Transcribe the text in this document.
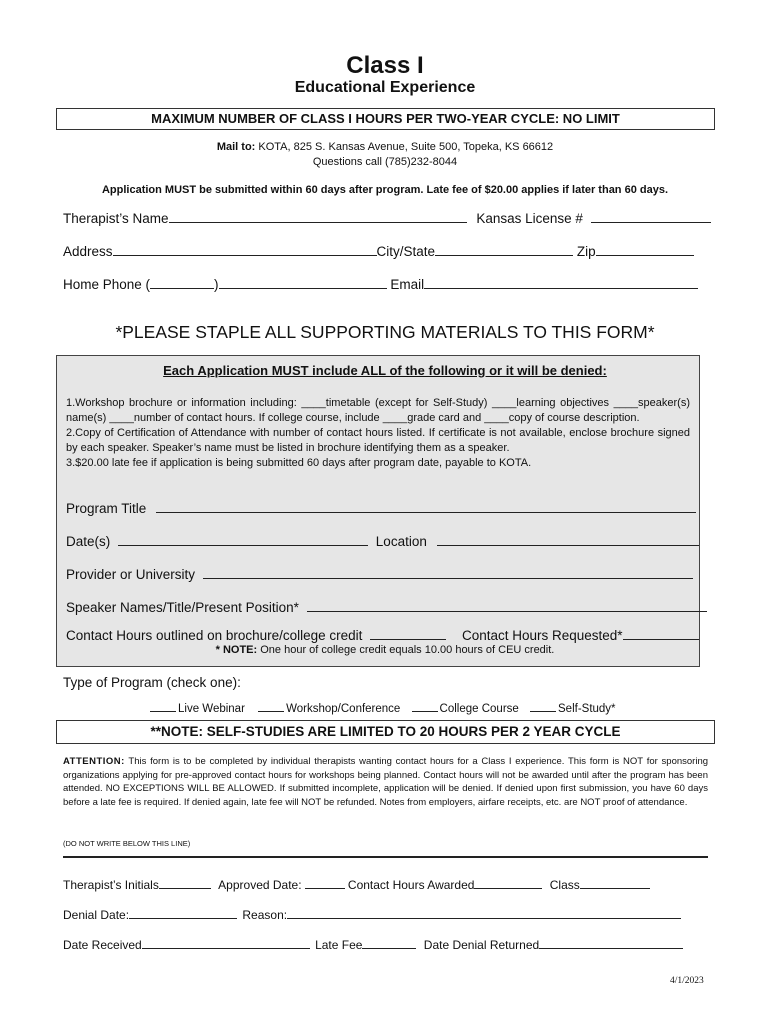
Class I
Educational Experience
MAXIMUM NUMBER OF CLASS I HOURS PER TWO-YEAR CYCLE: NO LIMIT
Mail to: KOTA, 825 S. Kansas Avenue, Suite 500, Topeka, KS 66612
Questions call (785)232-8044
Application MUST be submitted within 60 days after program. Late fee of $20.00 applies if later than 60 days.
Therapist’s Name	Kansas License #
Address	City/State	Zip
Home Phone (	)	Email
*PLEASE STAPLE ALL SUPPORTING MATERIALS TO THIS FORM*
Each Application MUST include ALL of the following or it will be denied:
1.Workshop brochure or information including: ____timetable (except for Self-Study) ____learning objectives ____speaker(s) name(s) ____number of contact hours. If college course, include ____grade card and ____copy of course description.
2.Copy of Certification of Attendance with number of contact hours listed. If certificate is not available, enclose brochure signed by each speaker. Speaker’s name must be listed in brochure identifying them as a speaker.
3.$20.00 late fee if application is being submitted 60 days after program date, payable to KOTA.
Program Title
Date(s)	Location
Provider or University
Speaker Names/Title/Present Position*
Contact Hours outlined on brochure/college credit	Contact Hours Requested*
* NOTE: One hour of college credit equals 10.00 hours of CEU credit.
Type of Program (check one):
Live Webinar	Workshop/Conference	College Course	Self-Study*
**NOTE: SELF-STUDIES ARE LIMITED TO 20 HOURS PER 2 YEAR CYCLE
ATTENTION: This form is to be completed by individual therapists wanting contact hours for a Class I experience. This form is NOT for sponsoring organizations applying for pre-approved contact hours for workshops being planned. Contact hours will not be awarded until after the program has been attended. NO EXCEPTIONS WILL BE ALLOWED. If submitted incomplete, application will be denied. If denied upon first submission, you have 60 days before a late fee is required. If denied again, late fee will NOT be refunded. Notes from employers, airfare receipts, etc. are NOT proof of attendance.
(DO NOT WRITE BELOW THIS LINE)
Therapist’s Initials	Approved Date:	Contact Hours Awarded	Class
Denial Date:	Reason:
Date Received	Late Fee	Date Denial Returned
4/1/2023
